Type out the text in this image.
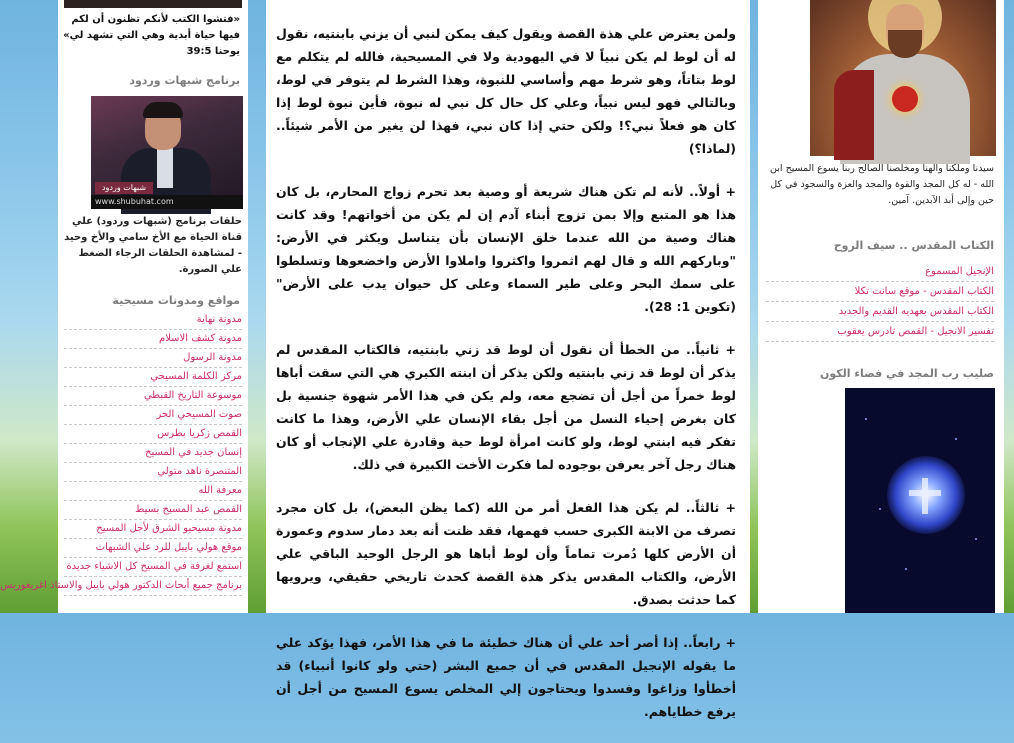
«فتشوا الكتب لأنكم تظنون أن لكم فيها حياة أبدية وهي التي تشهد لي» يوحنا 39:5
برنامج شبهات وردود
شبهات وردود
www.shubuhat.com
حلقات برنامج (شبهات وردود) علي قناة الحياة مع الأخ سامي والأخ وحيد - لمشاهدة الحلقات الرجاء الضغط علي الصورة.
مواقع ومدونات مسيحية
مدونة نهاية
مدونة كشف الاسلام
مدونة الرسول
مركز الكلمة المسيحي
موسوعة التاريخ القبطي
صوت المسيحي الحر
القمص زكريا بطرس
إنسان جديد في المسيح
المتنصرة ناهد متولي
معرفة الله
القمص عبد المسيح بسيط
مدونة مسيحيو الشرق لأجل المسيح
موقع هولي بايبل للرد علي الشبهات
استمع لغرفة في المسيح كل الاشياء جديدة
برنامج جميع أبحاث الدكتور هولي بايبل والاستاذ اغريغوريس

ولمن يعترض علي هذة القصة ويقول كيف يمكن لنبي أن يزني بابنتيه، نقول له أن لوط لم يكن نبياً لا في اليهودية ولا في المسيحية، فالله لم يتكلم مع لوط بتاتاً، وهو شرط مهم وأساسي للنبوة، وهذا الشرط لم يتوفر في لوط، وبالتالي فهو ليس نبياً، وعلي كل حال كل نبي له نبوة، فأين نبوة لوط إذا كان هو فعلاً نبي؟! ولكن حتي إذا كان نبي، فهذا لن يغير من الأمر شيئاً.. (لماذا؟)

+ أولاً.. لأنه لم تكن هناك شريعة أو وصية بعد تحرم زواج المحارم، بل كان هذا هو المتبع وإلا بمن تزوج أبناء آدم إن لم يكن من أخواتهم! وقد كانت هناك وصية من الله عندما خلق الإنسان بأن يتناسل ويكثر في الأرض: "وباركهم الله و قال لهم اثمروا واكثروا واملاوا الأرض واخضعوها وتسلطوا على سمك البحر وعلى طير السماء وعلى كل حيوان يدب على الأرض" (تكوين 1: 28).

+ ثانياً.. من الخطأ أن نقول أن لوط قد زني بابنتيه، فالكتاب المقدس لم يذكر أن لوط قد زني بابنتيه ولكن يذكر أن ابنته الكبري هي التي سقت أباها لوط خمراً من أجل أن تضجع معه، ولم يكن في هذا الأمر شهوة جنسية بل كان بغرض إحياء النسل من أجل بقاء الإنسان علي الأرض، وهذا ما كانت تفكر فيه ابنتي لوط، ولو كانت امرأة لوط حية وقادرة علي الإنجاب أو كان هناك رجل آخر يعرفن بوجوده لما فكرت الأخت الكبيرة في ذلك.

+ ثالثاً.. لم يكن هذا الفعل أمر من الله (كما يظن البعض)، بل كان مجرد تصرف من الابنة الكبرى حسب فهمها، فقد ظنت أنه بعد دمار سدوم وعمورة أن الأرض كلها دُمرت تماماً وأن لوط أباها هو الرجل الوحيد الباقي علي الأرض، والكتاب المقدس يذكر هذة القصة كحدث تاريخي حقيقي، ويرويها كما حدثت بصدق.

+ رابعاً.. إذا أصر أحد علي أن هناك خطيئة ما في هذا الأمر، فهذا يؤكد علي ما يقوله الإنجيل المقدس في أن جميع البشر (حتي ولو كانوا أنبياء) قد أخطأوا وزاغوا وفسدوا ويحتاجون إلي المخلص يسوع المسيح من أجل أن يرفع خطاياهم.

سيدنا وملكنا والهنا ومخلصنا الصالح ربنا يسوع المسيح ابن الله - له كل المجد والقوة والمجد والعزة والسجود في كل حين وإلى أبد الآبدين. آمين.
الكتاب المقدس .. سيف الروح
الإنجيل المسموع
الكتاب المقدس - موقع سانت تكلا
الكتاب المقدس بعهديه القديم والجديد
تفسير الانجيل - القمص تادرس يعقوب
صليب رب المجد في فضاء الكون
